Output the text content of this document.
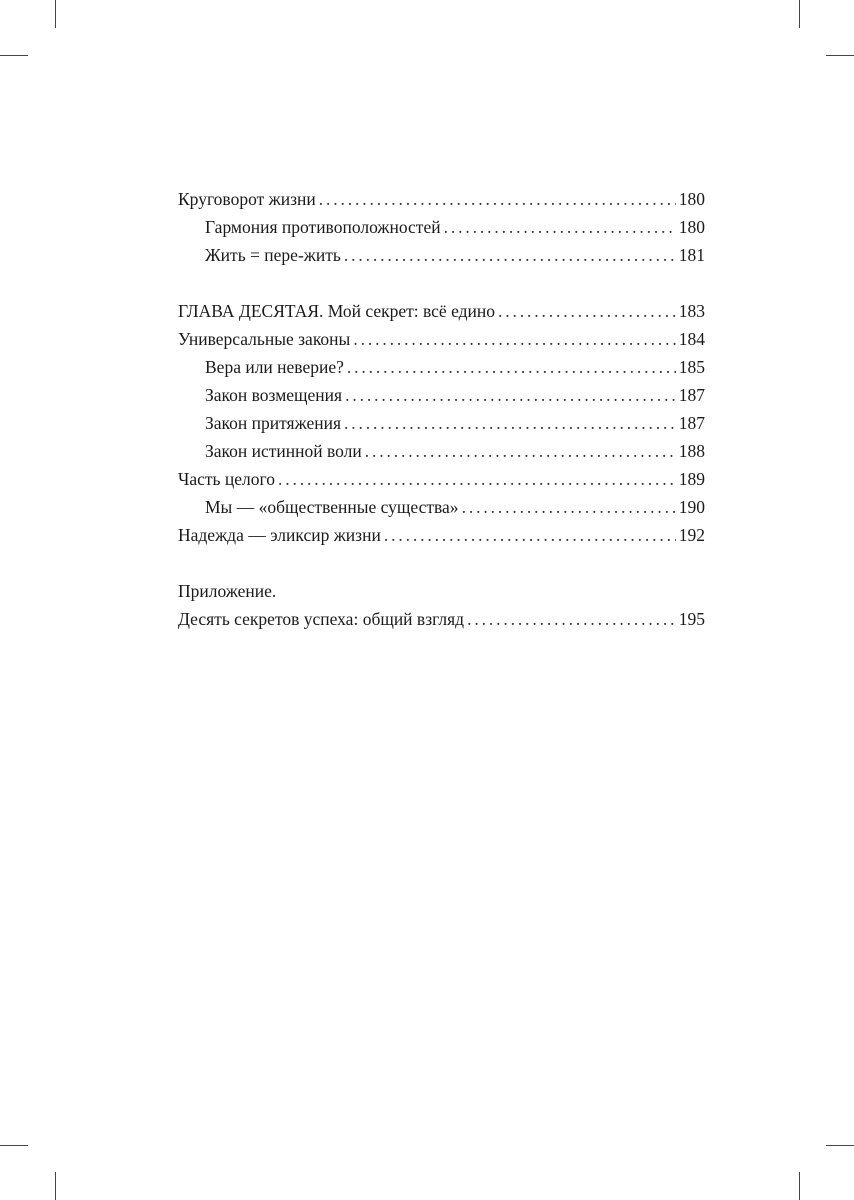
Круговорот жизни . . .	180
Гармония противоположностей . . .	180
Жить = пере-жить . . .	181
ГЛАВА ДЕСЯТАЯ. Мой секрет: всё едино . . .	183
Универсальные законы . . .	184
Вера или неверие? . . .	185
Закон возмещения . . .	187
Закон притяжения . . .	187
Закон истинной воли . . .	188
Часть целого . . .	189
Мы — «общественные существа» . . .	190
Надежда — эликсир жизни . . .	192
Приложение.
Десять секретов успеха: общий взгляд . . .	195
